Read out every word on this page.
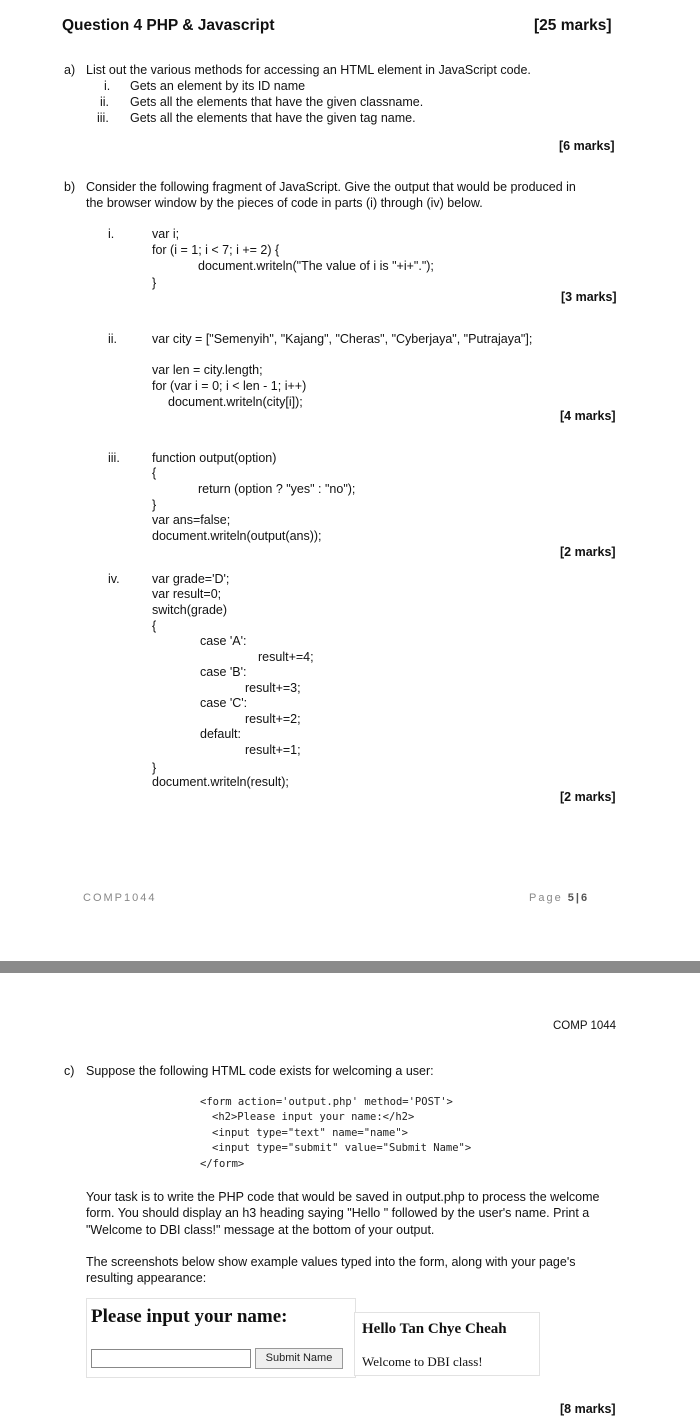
Question 4 PHP & Javascript	[25 marks]
a) List out the various methods for accessing an HTML element in JavaScript code.
i. Gets an element by its ID name
ii. Gets all the elements that have the given classname.
iii. Gets all the elements that have the given tag name.
[6 marks]
b) Consider the following fragment of JavaScript. Give the output that would be produced in
the browser window by the pieces of code in parts (i) through (iv) below.
i.	var i;
for (i = 1; i < 7; i += 2) {
document.writeln("The value of i is "+i+".");
}
[3 marks]
ii.	var city = ["Semenyih", "Kajang", "Cheras", "Cyberjaya", "Putrajaya"];
var len = city.length;
for (var i = 0; i < len - 1; i++)
document.writeln(city[i]);
[4 marks]
iii.	function output(option)
{
return (option ? "yes" : "no");
}
var ans=false;
document.writeln(output(ans));
[2 marks]
iv.	var grade='D';
var result=0;
switch(grade)
{
case 'A':
result+=4;
case 'B':
result+=3;
case 'C':
result+=2;
default:
result+=1;
}
document.writeln(result);
[2 marks]
COMP1044	Page 5|6
COMP 1044
c) Suppose the following HTML code exists for welcoming a user:
<form action='output.php' method='POST'>
<h2>Please input your name:</h2>
<input type="text" name="name">
<input type="submit" value="Submit Name">
</form>
Your task is to write the PHP code that would be saved in output.php to process the welcome form. You should display an h3 heading saying "Hello " followed by the user's name. Print a "Welcome to DBI class!" message at the bottom of your output.
The screenshots below show example values typed into the form, along with your page's resulting appearance:
Please input your name:
Submit Name
Hello Tan Chye Cheah
Welcome to DBI class!
[8 marks]
